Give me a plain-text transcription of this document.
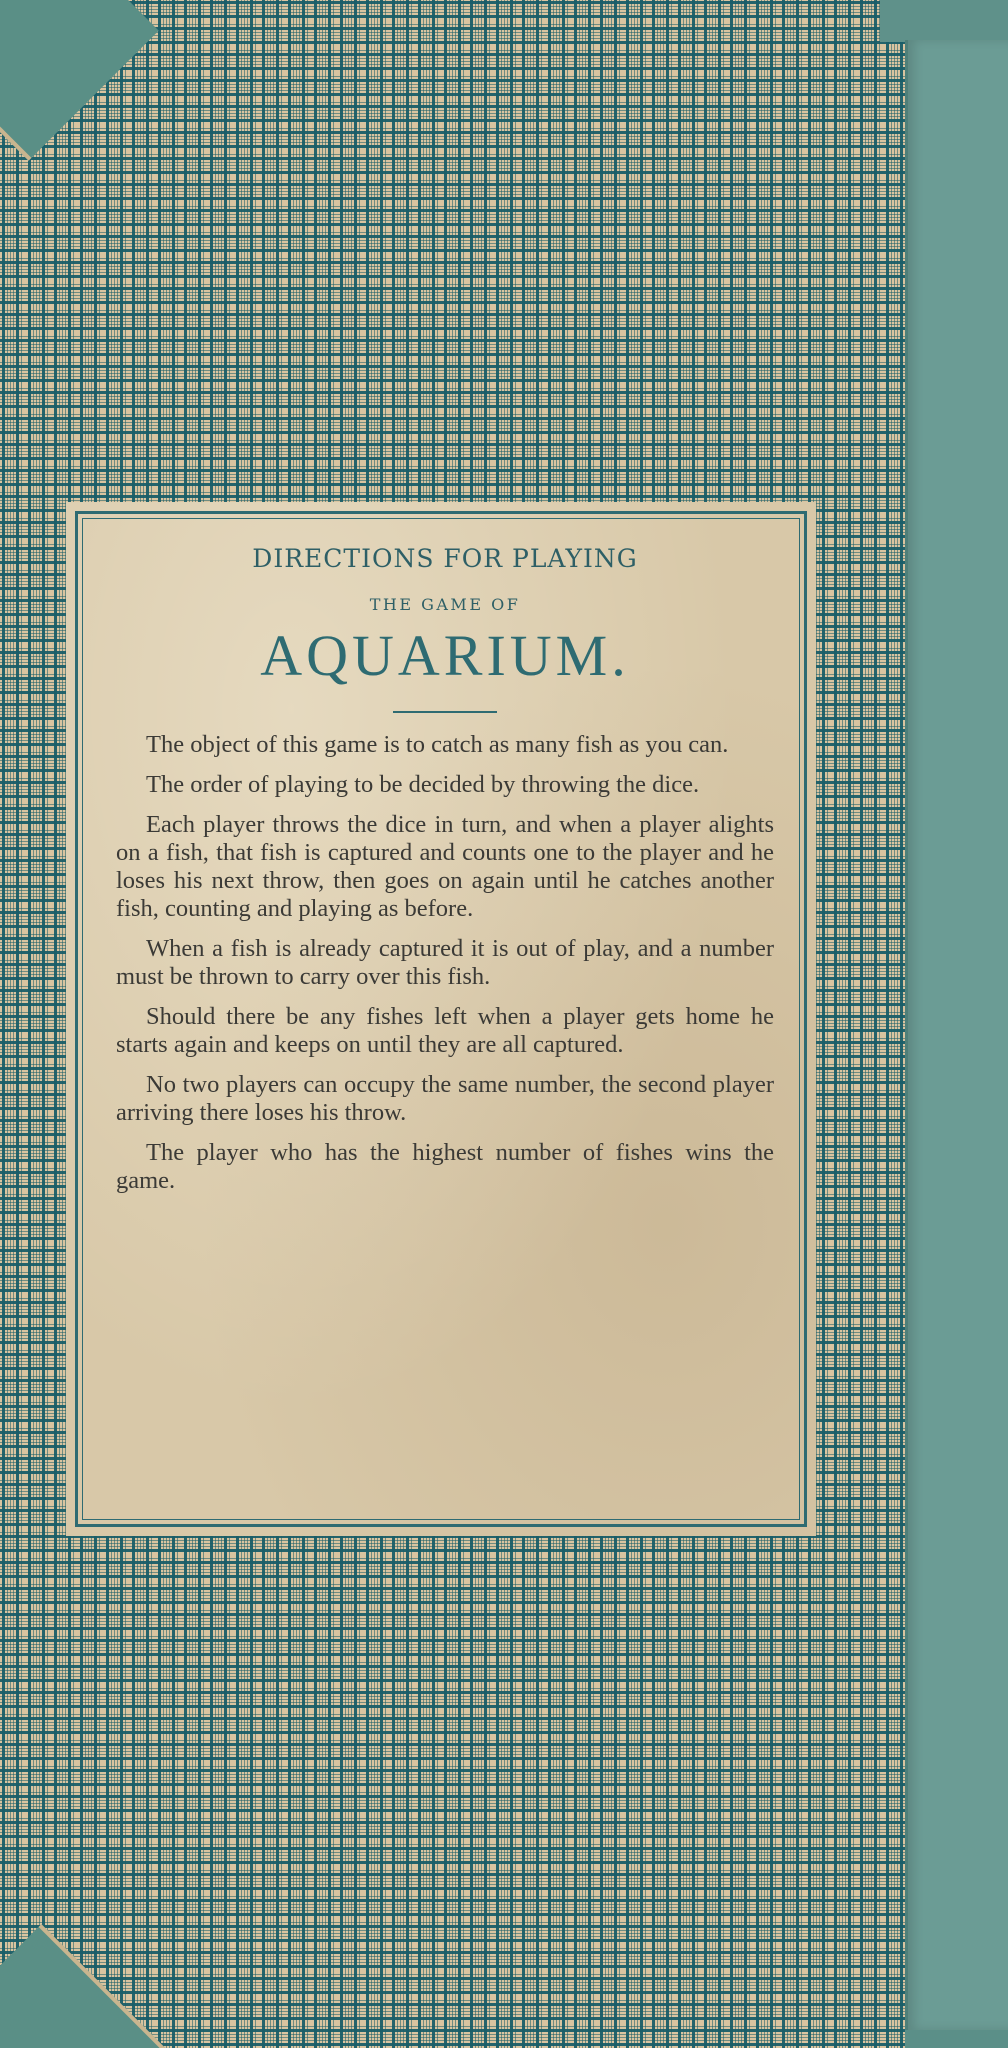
DIRECTIONS FOR PLAYING

THE GAME OF

AQUARIUM.

The object of this game is to catch as many fish as you can.

The order of playing to be decided by throwing the dice.

Each player throws the dice in turn, and when a player alights on a fish, that fish is captured and counts one to the player and he loses his next throw, then goes on again until he catches another fish, counting and playing as before.

When a fish is already captured it is out of play, and a number must be thrown to carry over this fish.

Should there be any fishes left when a player gets home he starts again and keeps on until they are all captured.

No two players can occupy the same number, the second player arriving there loses his throw.

The player who has the highest number of fishes wins the game.
